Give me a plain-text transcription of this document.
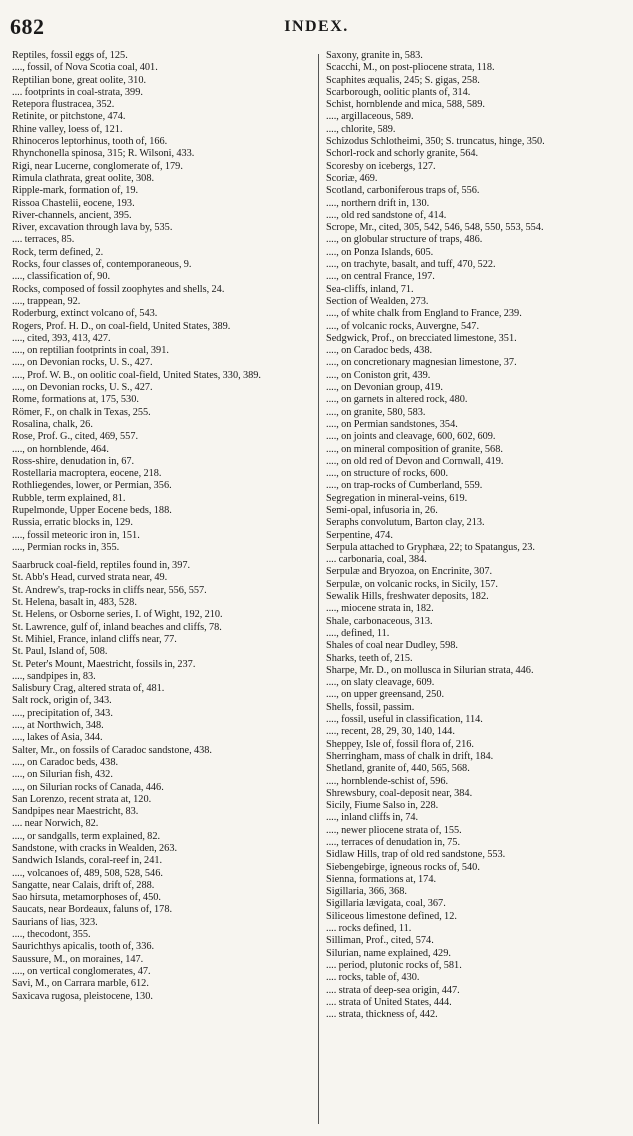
682	INDEX.

Reptiles, fossil eggs of, 125.

...., fossil, of Nova Scotia coal, 401.

Reptilian bone, great oolite, 310.

.... footprints in coal-strata, 399.

Retepora flustracea, 352.

Retinite, or pitchstone, 474.

Rhine valley, loess of, 121.

Rhinoceros leptorhinus, tooth of, 166.

Rhynchonella spinosa, 315; R. Wilsoni, 433.

Rigi, near Lucerne, conglomerate of, 179.

Rimula clathrata, great oolite, 308.

Ripple-mark, formation of, 19.

Rissoa Chastelii, eocene, 193.

River-channels, ancient, 395.

River, excavation through lava by, 535.

.... terraces, 85.

Rock, term defined, 2.

Rocks, four classes of, contemporaneous, 9.

...., classification of, 90.

Rocks, composed of fossil zoophytes and shells, 24.

...., trappean, 92.

Roderburg, extinct volcano of, 543.

Rogers, Prof. H. D., on coal-field, United States, 389.

...., cited, 393, 413, 427.

...., on reptilian footprints in coal, 391.

...., on Devonian rocks, U. S., 427.

...., Prof. W. B., on oolitic coal-field, United States, 330, 389.

...., on Devonian rocks, U. S., 427.

Rome, formations at, 175, 530.

Römer, F., on chalk in Texas, 255.

Rosalina, chalk, 26.

Rose, Prof. G., cited, 469, 557.

...., on hornblende, 464.

Ross-shire, denudation in, 67.

Rostellaria macroptera, eocene, 218.

Rothliegendes, lower, or Permian, 356.

Rubble, term explained, 81.

Rupelmonde, Upper Eocene beds, 188.

Russia, erratic blocks in, 129.

...., fossil meteoric iron in, 151.

...., Permian rocks in, 355.

Saarbruck coal-field, reptiles found in, 397.

St. Abb's Head, curved strata near, 49.

St. Andrew's, trap-rocks in cliffs near, 556, 557.

St. Helena, basalt in, 483, 528.

St. Helens, or Osborne series, I. of Wight, 192, 210.

St. Lawrence, gulf of, inland beaches and cliffs, 78.

St. Mihiel, France, inland cliffs near, 77.

St. Paul, Island of, 508.

St. Peter's Mount, Maestricht, fossils in, 237.

...., sandpipes in, 83.

Salisbury Crag, altered strata of, 481.

Salt rock, origin of, 343.

...., precipitation of, 343.

...., at Northwich, 348.

...., lakes of Asia, 344.

Salter, Mr., on fossils of Caradoc sandstone, 438.

...., on Caradoc beds, 438.

...., on Silurian fish, 432.

...., on Silurian rocks of Canada, 446.

San Lorenzo, recent strata at, 120.

Sandpipes near Maestricht, 83.

.... near Norwich, 82.

...., or sandgalls, term explained, 82.

Sandstone, with cracks in Wealden, 263.

Sandwich Islands, coral-reef in, 241.

...., volcanoes of, 489, 508, 528, 546.

Sangatte, near Calais, drift of, 288.

Sao hirsuta, metamorphoses of, 450.

Saucats, near Bordeaux, faluns of, 178.

Saurians of lias, 323.

...., thecodont, 355.

Saurichthys apicalis, tooth of, 336.

Saussure, M., on moraines, 147.

...., on vertical conglomerates, 47.

Savi, M., on Carrara marble, 612.

Saxicava rugosa, pleistocene, 130.

Saxony, granite in, 583.

Scacchi, M., on post-pliocene strata, 118.

Scaphites æqualis, 245; S. gigas, 258.

Scarborough, oolitic plants of, 314.

Schist, hornblende and mica, 588, 589.

...., argillaceous, 589.

...., chlorite, 589.

Schizodus Schlotheimi, 350; S. truncatus, hinge, 350.

Schorl-rock and schorly granite, 564.

Scoresby on icebergs, 127.

Scoriæ, 469.

Scotland, carboniferous traps of, 556.

...., northern drift in, 130.

...., old red sandstone of, 414.

Scrope, Mr., cited, 305, 542, 546, 548, 550, 553, 554.

...., on globular structure of traps, 486.

...., on Ponza Islands, 605.

...., on trachyte, basalt, and tuff, 470, 522.

...., on central France, 197.

Sea-cliffs, inland, 71.

Section of Wealden, 273.

...., of white chalk from England to France, 239.

...., of volcanic rocks, Auvergne, 547.

Sedgwick, Prof., on brecciated limestone, 351.

...., on Caradoc beds, 438.

...., on concretionary magnesian limestone, 37.

...., on Coniston grit, 439.

...., on Devonian group, 419.

...., on garnets in altered rock, 480.

...., on granite, 580, 583.

...., on Permian sandstones, 354.

...., on joints and cleavage, 600, 602, 609.

...., on mineral composition of granite, 568.

...., on old red of Devon and Cornwall, 419.

...., on structure of rocks, 600.

...., on trap-rocks of Cumberland, 559.

Segregation in mineral-veins, 619.

Semi-opal, infusoria in, 26.

Seraphs convolutum, Barton clay, 213.

Serpentine, 474.

Serpula attached to Gryphæa, 22; to Spatangus, 23.

.... carbonaria, coal, 384.

Serpulæ and Bryozoa, on Encrinite, 307.

Serpulæ, on volcanic rocks, in Sicily, 157.

Sewalik Hills, freshwater deposits, 182.

...., miocene strata in, 182.

Shale, carbonaceous, 313.

...., defined, 11.

Shales of coal near Dudley, 598.

Sharks, teeth of, 215.

Sharpe, Mr. D., on mollusca in Silurian strata, 446.

...., on slaty cleavage, 609.

...., on upper greensand, 250.

Shells, fossil, passim.

...., fossil, useful in classification, 114.

...., recent, 28, 29, 30, 140, 144.

Sheppey, Isle of, fossil flora of, 216.

Sherringham, mass of chalk in drift, 184.

Shetland, granite of, 440, 565, 568.

...., hornblende-schist of, 596.

Shrewsbury, coal-deposit near, 384.

Sicily, Fiume Salso in, 228.

...., inland cliffs in, 74.

...., newer pliocene strata of, 155.

...., terraces of denudation in, 75.

Sidlaw Hills, trap of old red sandstone, 553.

Siebengebirge, igneous rocks of, 540.

Sienna, formations at, 174.

Sigillaria, 366, 368.

Sigillaria lævigata, coal, 367.

Siliceous limestone defined, 12.

.... rocks defined, 11.

Silliman, Prof., cited, 574.

Silurian, name explained, 429.

.... period, plutonic rocks of, 581.

.... rocks, table of, 430.

.... strata of deep-sea origin, 447.

.... strata of United States, 444.

.... strata, thickness of, 442.
